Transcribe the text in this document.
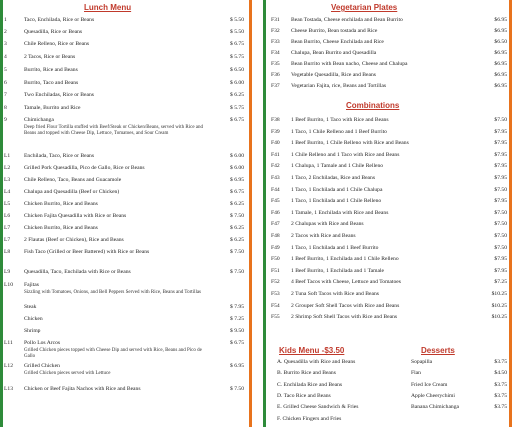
Lunch Menu
1	Taco, Enchilada, Rice or Beans	$ 5.50
2	Quesadilla, Rice or Beans	$ 5.50
3	Chile Relleno, Rice or Beans	$ 6.75
4	2 Tacos, Rice or Beans	$ 5.75
5	Burrito, Rice and Beans	$ 6.50
6	Burrito, Taco and Beans	$ 6.00
7	Two Enchiladas, Rice or Beans	$ 6.25
8	Tamale, Burrito and Rice	$ 5.75
9	Chimichanga	$ 6.75
L1	Enchilada, Taco, Rice or Beans	$ 6.00
L2	Grilled Pork Quesadilla, Pico de Gallo, Rice or Beans	$ 6.00
L3	Chile Relleno, Taco, Beans and Guacamole	$ 6.95
L4	Chalupa and Quesadilla (Beef or Chicken)	$ 6.75
L5	Chicken Burrito, Rice and Beans	$ 6.25
L6	Chicken Fajita Quesadilla with Rice or Beans	$ 7.50
L7	Chicken Burrito, Rice and Beans	$ 6.25
L7	2 Flautas (Beef or Chicken), Rice and Beans	$ 6.25
L8	Fish Taco (Grilled or Beer Battered) with Rice or Beans	$ 7.50
L9	Quesadilla, Taco, Enchilada with Rice or Beans	$ 7.50
L10	Fajitas
Steak	$ 7.95
Chicken	$ 7.25
Shrimp	$ 9.50
L11	Pollo Los Arcos	$ 6.75
L12	Grilled Chicken	$ 6.95
L13	Chicken or Beef Fajita Nachos with Rice and Beans	$ 7.50
Deep fried Flour Tortilla stuffed with Beef/Steak or Chicken/Beans, served with Rice and Beans and topped with Cheese Dip, Lettuce, Tomatoes, and Sour Cream
Sizzling with Tomatoes, Onions, and Bell Peppers Served with Rice, Beans and Tortillas
Grilled Chicken pieces topped with Cheese Dip and served with Rice, Beans and Pico de Gallo
Grilled Chicken pieces served with Lettuce
Vegetarian Plates
F31	Bean Tostada, Cheese enchilada and Bean Burrito	$6.95
F32	Cheese Burrito, Bean tostada and Rice	$6.95
F33	Bean Burrito, Cheese Enchilada and Rice	$6.50
F34	Chalupa, Bean Burrito and Quesadilla	$6.95
F35	Bean Burrito with Bean nacho, Cheese and Chalupa	$6.95
F36	Vegetable Quesadilla, Rice and Beans	$6.95
F37	Vegetarian Fajita, rice, Beans and Tortillas	$6.95
Combinations
F38	1 Beef Burrito, 1 Taco with Rice and Beans	$7.50
F39	1 Taco, 1 Chile Relleno and 1 Beef Burrito	$7.95
F40	1 Beef Burrito, 1 Chile Relleno with Rice and Beans	$7.95
F41	1 Chile Relleno and 1 Taco with Rice and Beans	$7.95
F42	1 Chalupa, 1 Tamale and 1 Chile Relleno	$7.95
F43	1 Taco, 2 Enchiladas, Rice and Beans	$7.95
F44	1 Taco, 1 Enchilada and 1 Chile Chalupa	$7.50
F45	1 Taco, 1 Enchilada and 1 Chile Relleno	$7.95
F46	1 Tamale, 1 Enchilada with Rice and Beans	$7.50
F47	2 Chalupas with Rice and Beans	$7.50
F48	2 Tacos with Rice and Beans	$7.50
F49	1 Taco, 1 Enchilada and 1 Beef Burrito	$7.50
F50	1 Beef Burrito, 1 Enchilada and 1 Chile Relleno	$7.95
F51	1 Beef Burrito, 1 Enchilada and 1 Tamale	$7.95
F52	4 Beef Tacos with Cheese, Lettuce and Tomatoes	$7.25
F53	2 Tuna Soft Tacos with Rice and Beans	$10.25
F54	2 Grouper Soft Shell Tacos with Rice and Beans	$10.25
F55	2 Shrimp Soft Shell Tacos with Rice and Beans	$10.25
Kids Menu -$3.50
A. Quesadilla with Rice and Beans
B. Burrito Rice and Beans
C. Enchilada Rice and Beans
D. Taco Rice and Beans
E. Grilled Cheese Sandwich & Fries
F. Chicken Fingers and Fries
Desserts
Sopapilla	$3.75
Flan	$4.50
Fried Ice Cream	$3.75
Apple Cheerychimi	$3.75
Banana Chimichanga	$3.75
